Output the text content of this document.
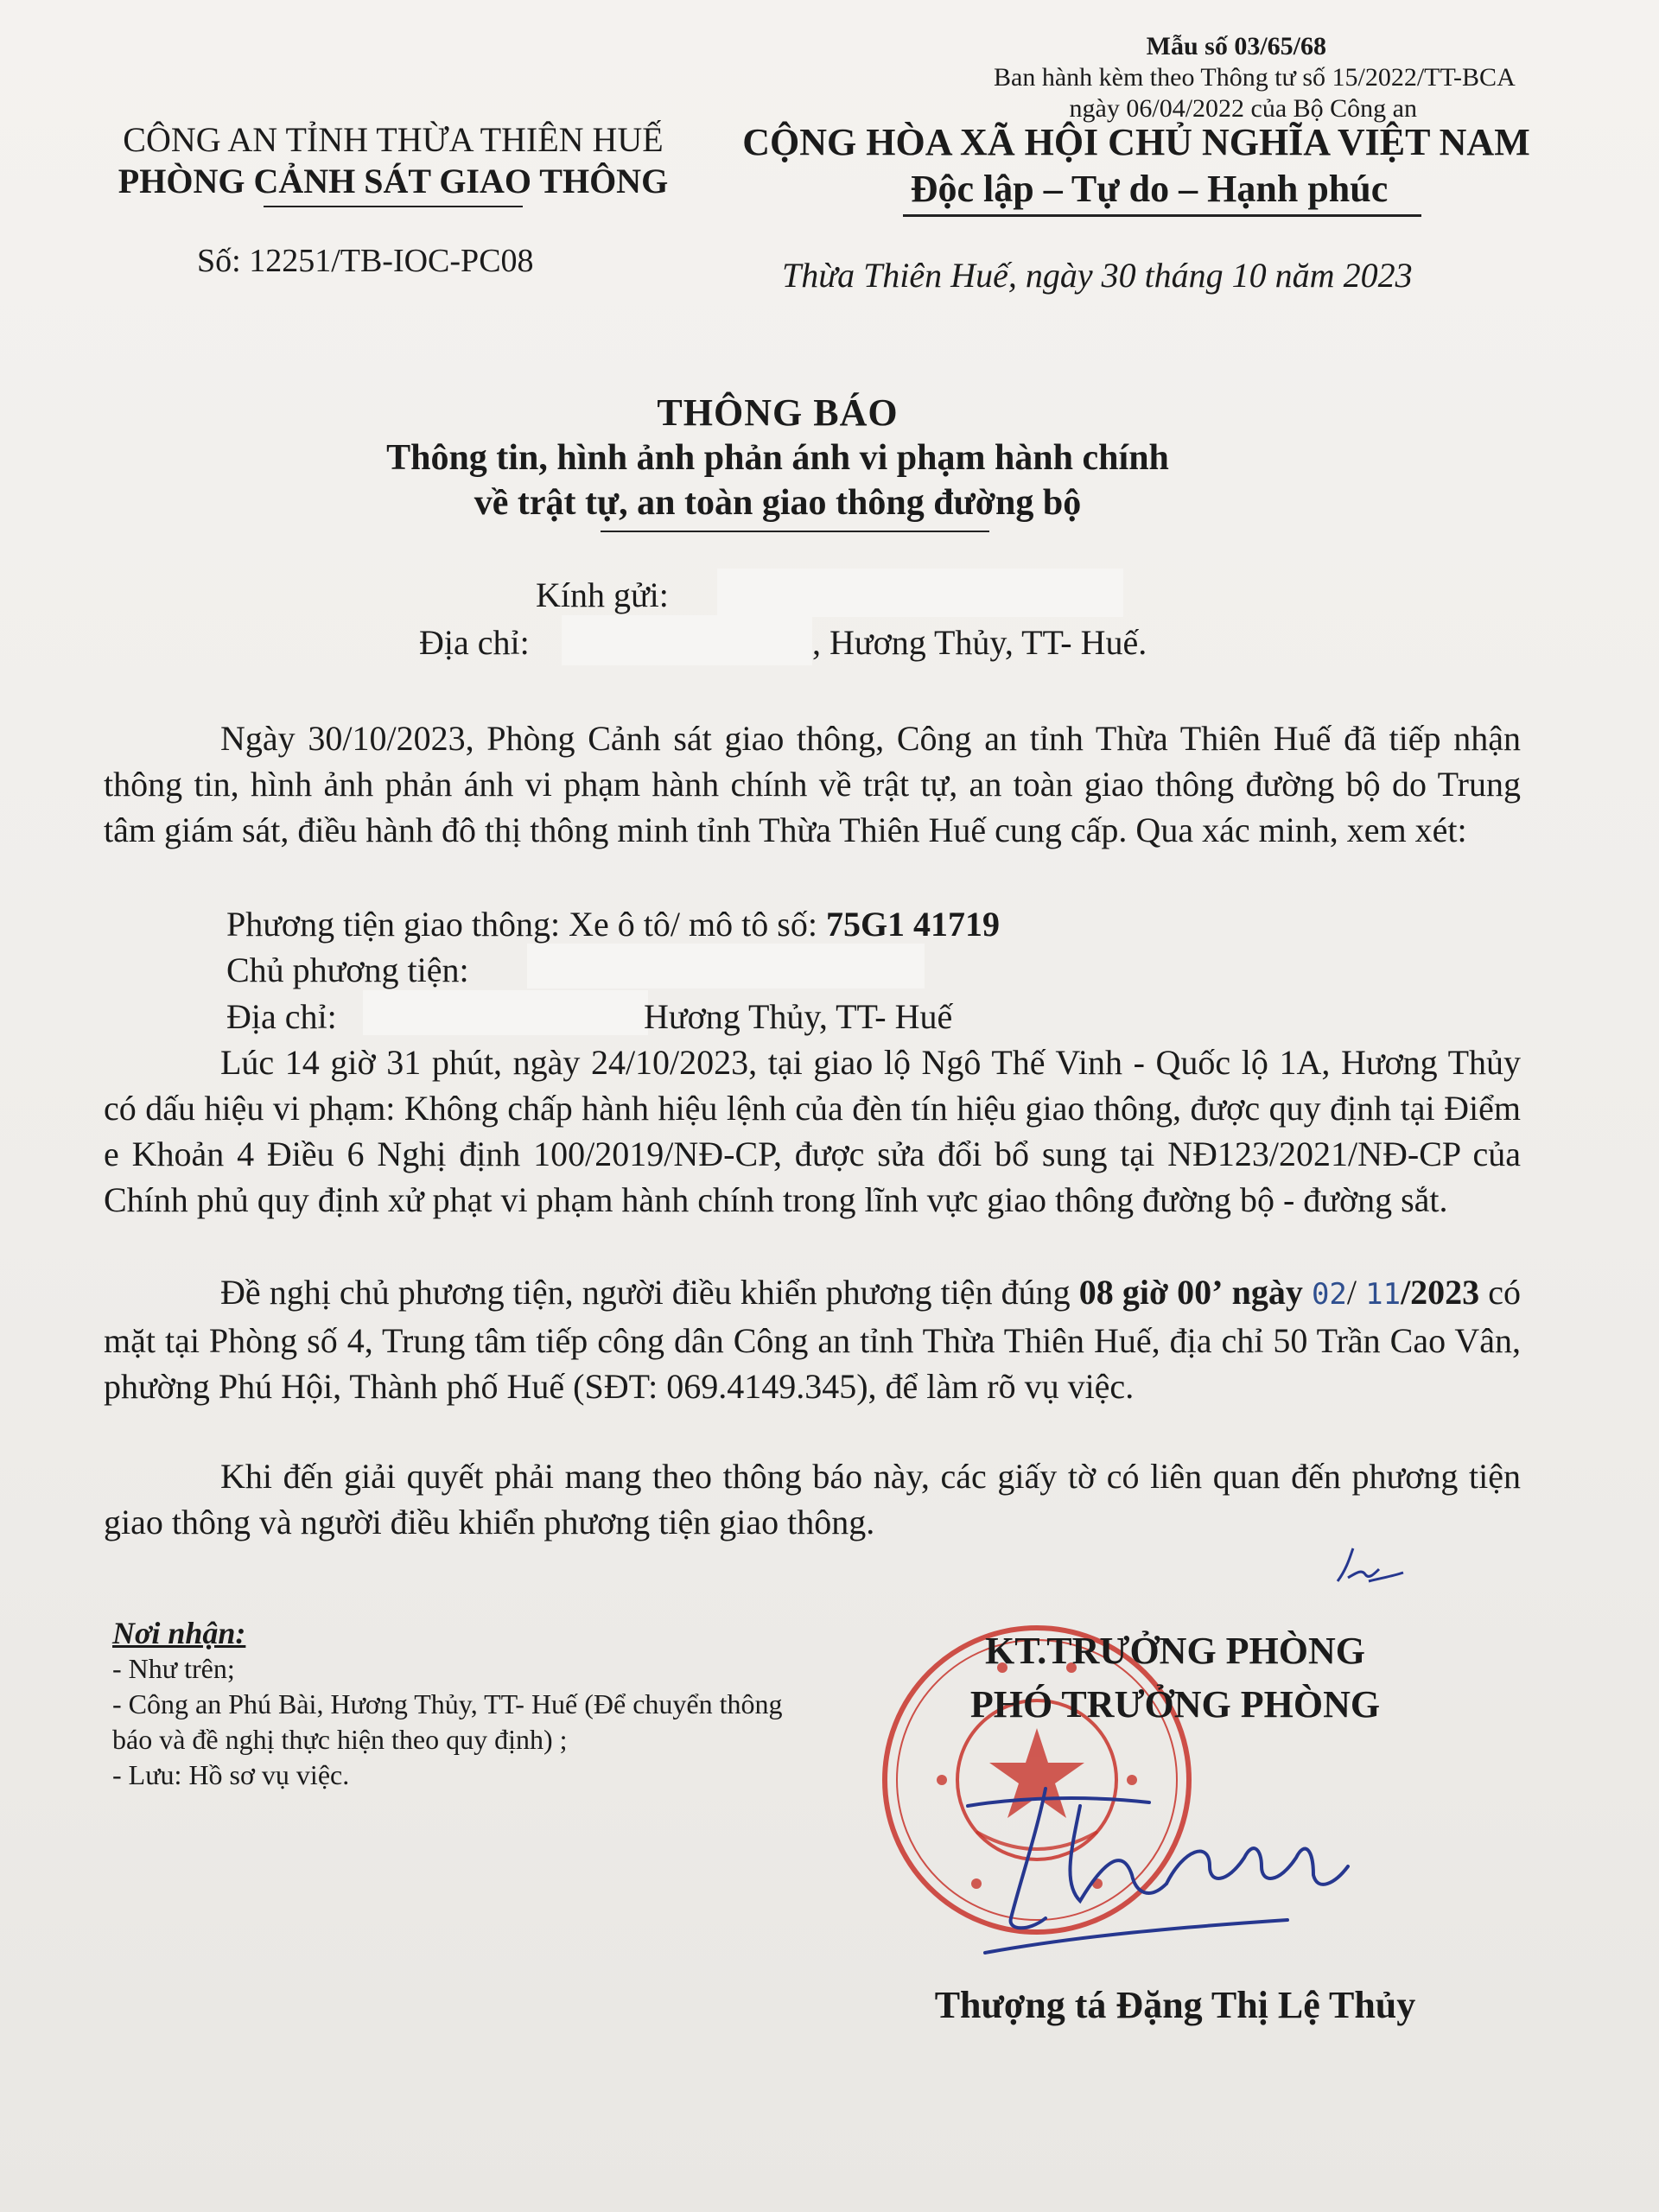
Mẫu số 03/65/68
Ban hành kèm theo Thông tư số 15/2022/TT-BCA
ngày 06/04/2022 của Bộ Công an
CÔNG AN TỈNH THỪA THIÊN HUẾ
PHÒNG CẢNH SÁT GIAO THÔNG
Số: 12251/TB-IOC-PC08
CỘNG HÒA XÃ HỘI CHỦ NGHĨA VIỆT NAM
Độc lập – Tự do – Hạnh phúc
Thừa Thiên Huế, ngày 30 tháng 10 năm 2023
THÔNG BÁO
Thông tin, hình ảnh phản ánh vi phạm hành chính
về trật tự, an toàn giao thông đường bộ
Kính gửi:
Địa chỉ:	, Hương Thủy, TT- Huế.
Ngày 30/10/2023, Phòng Cảnh sát giao thông, Công an tỉnh Thừa Thiên Huế đã tiếp nhận thông tin, hình ảnh phản ánh vi phạm hành chính về trật tự, an toàn giao thông đường bộ do Trung tâm giám sát, điều hành đô thị thông minh tỉnh Thừa Thiên Huế cung cấp. Qua xác minh, xem xét:
Phương tiện giao thông: Xe ô tô/ mô tô số: 75G1 41719
Chủ phương tiện:
Địa chỉ:	Hương Thủy, TT- Huế
Lúc 14 giờ 31 phút, ngày 24/10/2023, tại giao lộ Ngô Thế Vinh - Quốc lộ 1A, Hương Thủy có dấu hiệu vi phạm: Không chấp hành hiệu lệnh của đèn tín hiệu giao thông, được quy định tại Điểm e Khoản 4 Điều 6 Nghị định 100/2019/NĐ-CP, được sửa đổi bổ sung tại NĐ123/2021/NĐ-CP của Chính phủ quy định xử phạt vi phạm hành chính trong lĩnh vực giao thông đường bộ - đường sắt.
Đề nghị chủ phương tiện, người điều khiển phương tiện đúng 08 giờ 00’ ngày 02/ 11/2023 có mặt tại Phòng số 4, Trung tâm tiếp công dân Công an tỉnh Thừa Thiên Huế, địa chỉ 50 Trần Cao Vân, phường Phú Hội, Thành phố Huế (SĐT: 069.4149.345), để làm rõ vụ việc.
Khi đến giải quyết phải mang theo thông báo này, các giấy tờ có liên quan đến phương tiện giao thông và người điều khiển phương tiện giao thông.
Nơi nhận:
- Như trên;
- Công an Phú Bài, Hương Thủy, TT- Huế (Để chuyển thông báo và đề nghị thực hiện theo quy định) ;
- Lưu: Hồ sơ vụ việc.
KT.TRƯỞNG PHÒNG
PHÓ TRƯỞNG PHÒNG
Thượng tá Đặng Thị Lệ Thủy
